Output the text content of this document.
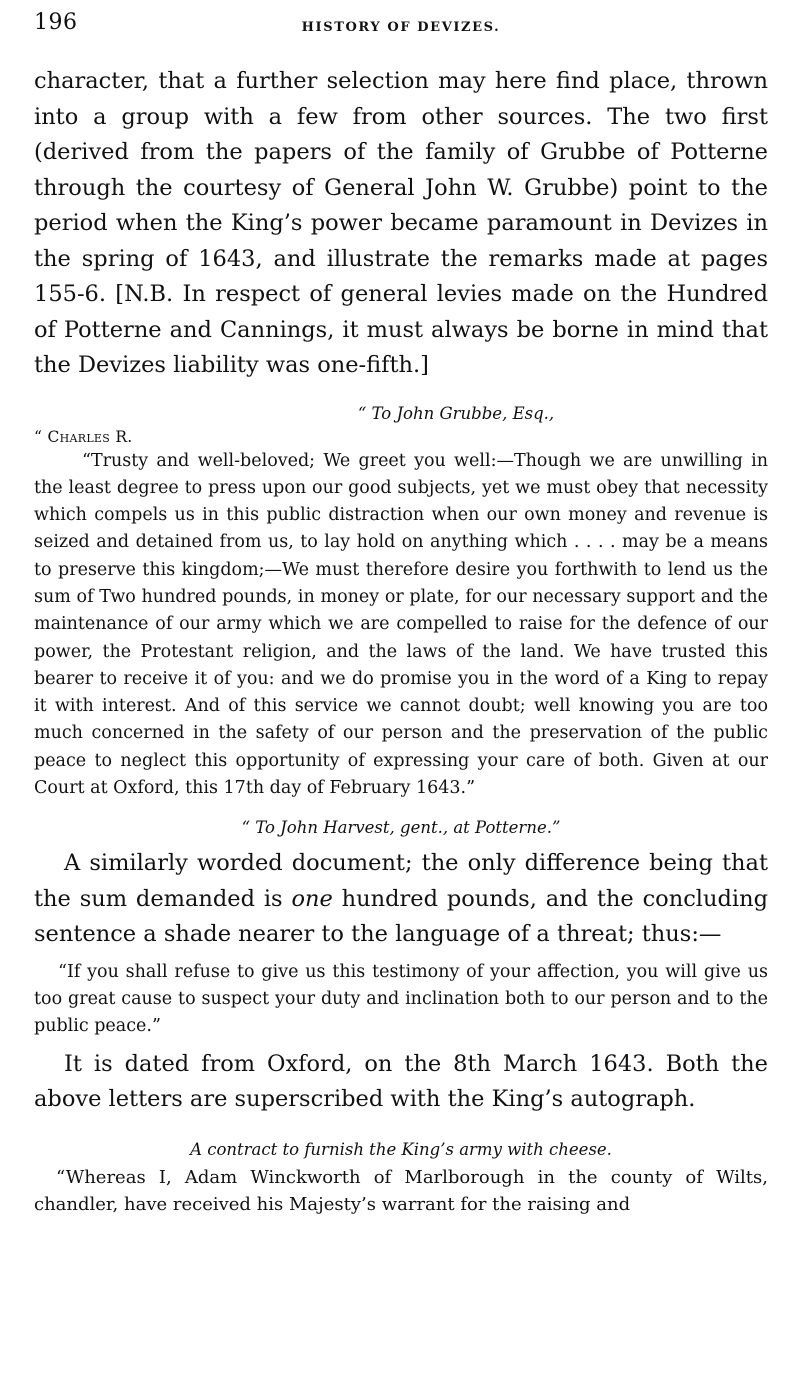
196	HISTORY OF DEVIZES.

character, that a further selection may here find place, thrown into a group with a few from other sources. The two first (derived from the papers of the family of Grubbe of Potterne through the courtesy of General John W. Grubbe) point to the period when the King’s power became paramount in Devizes in the spring of 1643, and illustrate the remarks made at pages 155-6. [N.B. In respect of general levies made on the Hundred of Potterne and Cannings, it must always be borne in mind that the Devizes liability was one-fifth.]

“ To John Grubbe, Esq.,

“ Charles R.

“Trusty and well-beloved; We greet you well:—Though we are unwilling in the least degree to press upon our good subjects, yet we must obey that necessity which compels us in this public distraction when our own money and revenue is seized and detained from us, to lay hold on anything which . . . . may be a means to preserve this kingdom;—We must therefore desire you forthwith to lend us the sum of Two hundred pounds, in money or plate, for our necessary support and the maintenance of our army which we are compelled to raise for the defence of our power, the Protestant religion, and the laws of the land. We have trusted this bearer to receive it of you: and we do promise you in the word of a King to repay it with interest. And of this service we cannot doubt; well knowing you are too much concerned in the safety of our person and the preservation of the public peace to neglect this opportunity of expressing your care of both. Given at our Court at Oxford, this 17th day of February 1643.”

“ To John Harvest, gent., at Potterne.”

A similarly worded document; the only difference being that the sum demanded is one hundred pounds, and the concluding sentence a shade nearer to the language of a threat; thus:—

“If you shall refuse to give us this testimony of your affection, you will give us too great cause to suspect your duty and inclination both to our person and to the public peace.”

It is dated from Oxford, on the 8th March 1643. Both the above letters are superscribed with the King’s autograph.

A contract to furnish the King’s army with cheese.

“Whereas I, Adam Winckworth of Marlborough in the county of Wilts, chandler, have received his Majesty’s warrant for the raising and
